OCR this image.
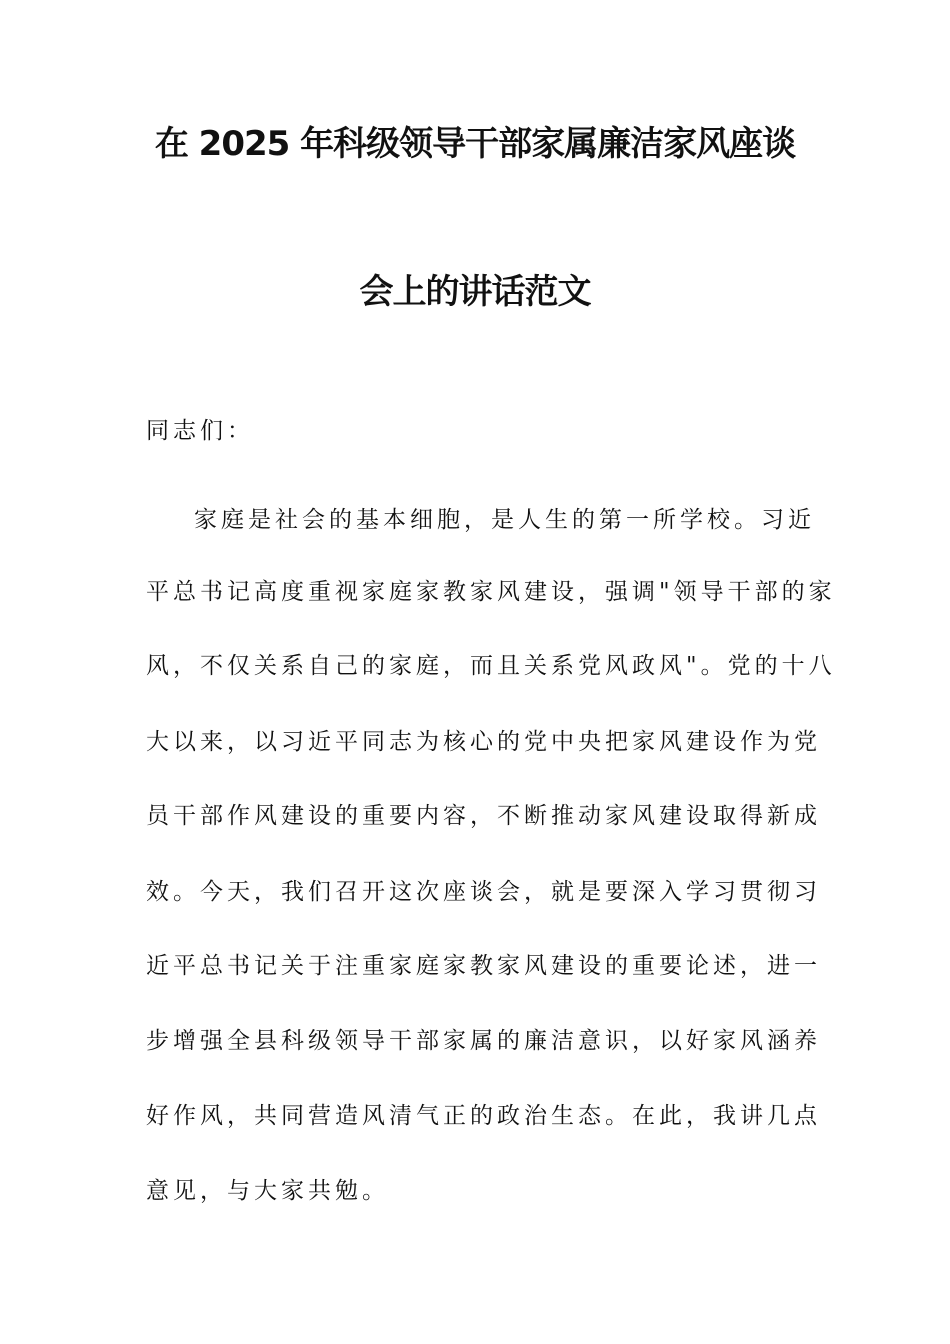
在 2025 年科级领导干部家属廉洁家风座谈
会上的讲话范文
同志们：
家庭是社会的基本细胞，是人生的第一所学校。习近
平总书记高度重视家庭家教家风建设，强调"领导干部的家
风，不仅关系自己的家庭，而且关系党风政风"。党的十八
大以来，以习近平同志为核心的党中央把家风建设作为党
员干部作风建设的重要内容，不断推动家风建设取得新成
效。今天，我们召开这次座谈会，就是要深入学习贯彻习
近平总书记关于注重家庭家教家风建设的重要论述，进一
步增强全县科级领导干部家属的廉洁意识，以好家风涵养
好作风，共同营造风清气正的政治生态。在此，我讲几点
意见，与大家共勉。
